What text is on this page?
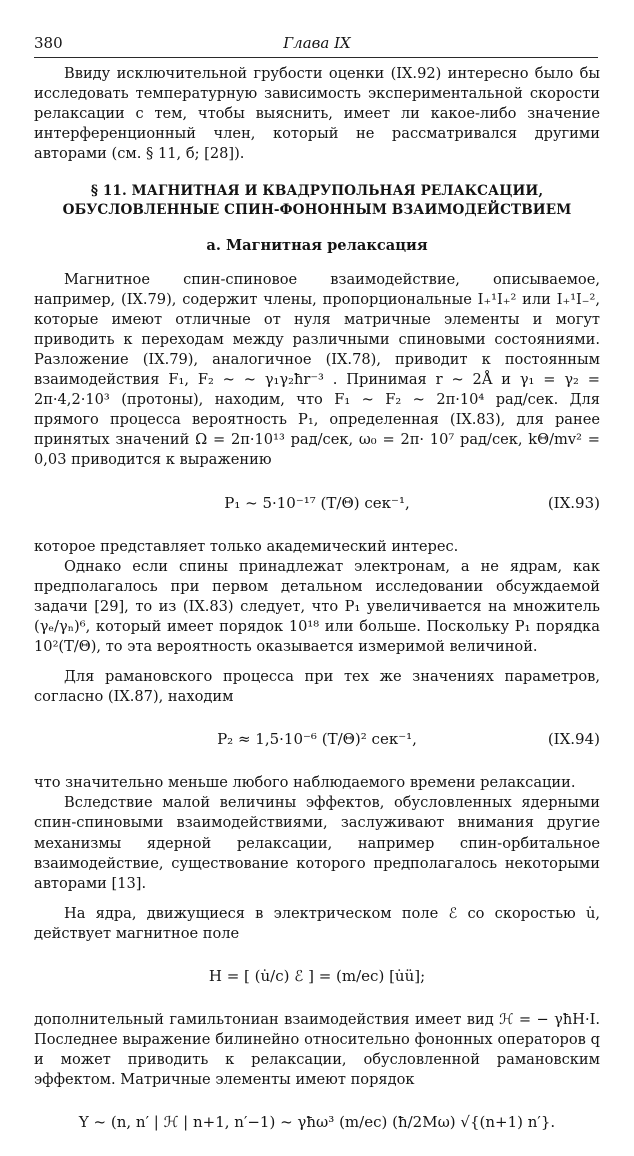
380	Глава IX

Ввиду исключительной грубости оценки (IX.92) интересно было бы исследовать температурную зависимость экспериментальной скорости релаксации с тем, чтобы выяснить, имеет ли какое-либо значение интерференционный член, который не рассматривался другими авторами (см. § 11, б; [28]).

§ 11. МАГНИТНАЯ И КВАДРУПОЛЬНАЯ РЕЛАКСАЦИИ, ОБУСЛОВЛЕННЫЕ СПИН-ФОНОННЫМ ВЗАИМОДЕЙСТВИЕМ
а. Магнитная релаксация

Магнитное спин-спиновое взаимодействие, описываемое, например, (IX.79), содержит члены, пропорциональные I₊¹I₊² или I₊¹I₋², которые имеют отличные от нуля матричные элементы и могут приводить к переходам между различными спиновыми состояниями. Разложение (IX.79), аналогичное (IX.78), приводит к постоянным взаимодействия F₁, F₂ ~ ~ γ₁γ₂ħr⁻³ . Принимая r ~ 2Å и γ₁ = γ₂ = 2π·4,2·10³ (протоны), находим, что F₁ ~ F₂ ~ 2π·10⁴ рад/сек. Для прямого процесса вероятность P₁, определенная (IX.83), для ранее принятых значений Ω = 2π·10¹³ рад/сек, ω₀ = 2π· 10⁷ рад/сек, kΘ/mv² = 0,03 приводится к выражению

P₁ ~ 5·10⁻¹⁷ (T/Θ) сек⁻¹,	(IX.93)

которое представляет только академический интерес.

Однако если спины принадлежат электронам, а не ядрам, как предполагалось при первом детальном исследовании обсуждаемой задачи [29], то из (IX.83) следует, что P₁ увеличивается на множитель (γₑ/γₙ)⁶, который имеет порядок 10¹⁸ или больше. Поскольку P₁ порядка 10²(T/Θ), то эта вероятность оказывается измеримой величиной.

Для рамановского процесса при тех же значениях параметров, согласно (IX.87), находим

P₂ ≈ 1,5·10⁻⁶ (T/Θ)² сек⁻¹,	(IX.94)

что значительно меньше любого наблюдаемого времени релаксации.

Вследствие малой величины эффектов, обусловленных ядерными спин-спиновыми взаимодействиями, заслуживают внимания другие механизмы ядерной релаксации, например спин-орбитальное взаимодействие, существование которого предполагалось некоторыми авторами [13].

На ядра, движущиеся в электрическом поле ℰ со скоростью u̇, действует магнитное поле

H = [ (u̇/c) ℰ ] = (m/ec) [u̇ü];

дополнительный гамильтониан взаимодействия имеет вид ℋ = − γħH·I. Последнее выражение билинейно относительно фононных операторов q и может приводить к релаксации, обусловленной рамановским эффектом. Матричные элементы имеют порядок

Y ~ (n, n′ | ℋ | n+1, n′−1) ~ γħω³ (m/ec) (ħ/2Mω) √{(n+1) n′}.
